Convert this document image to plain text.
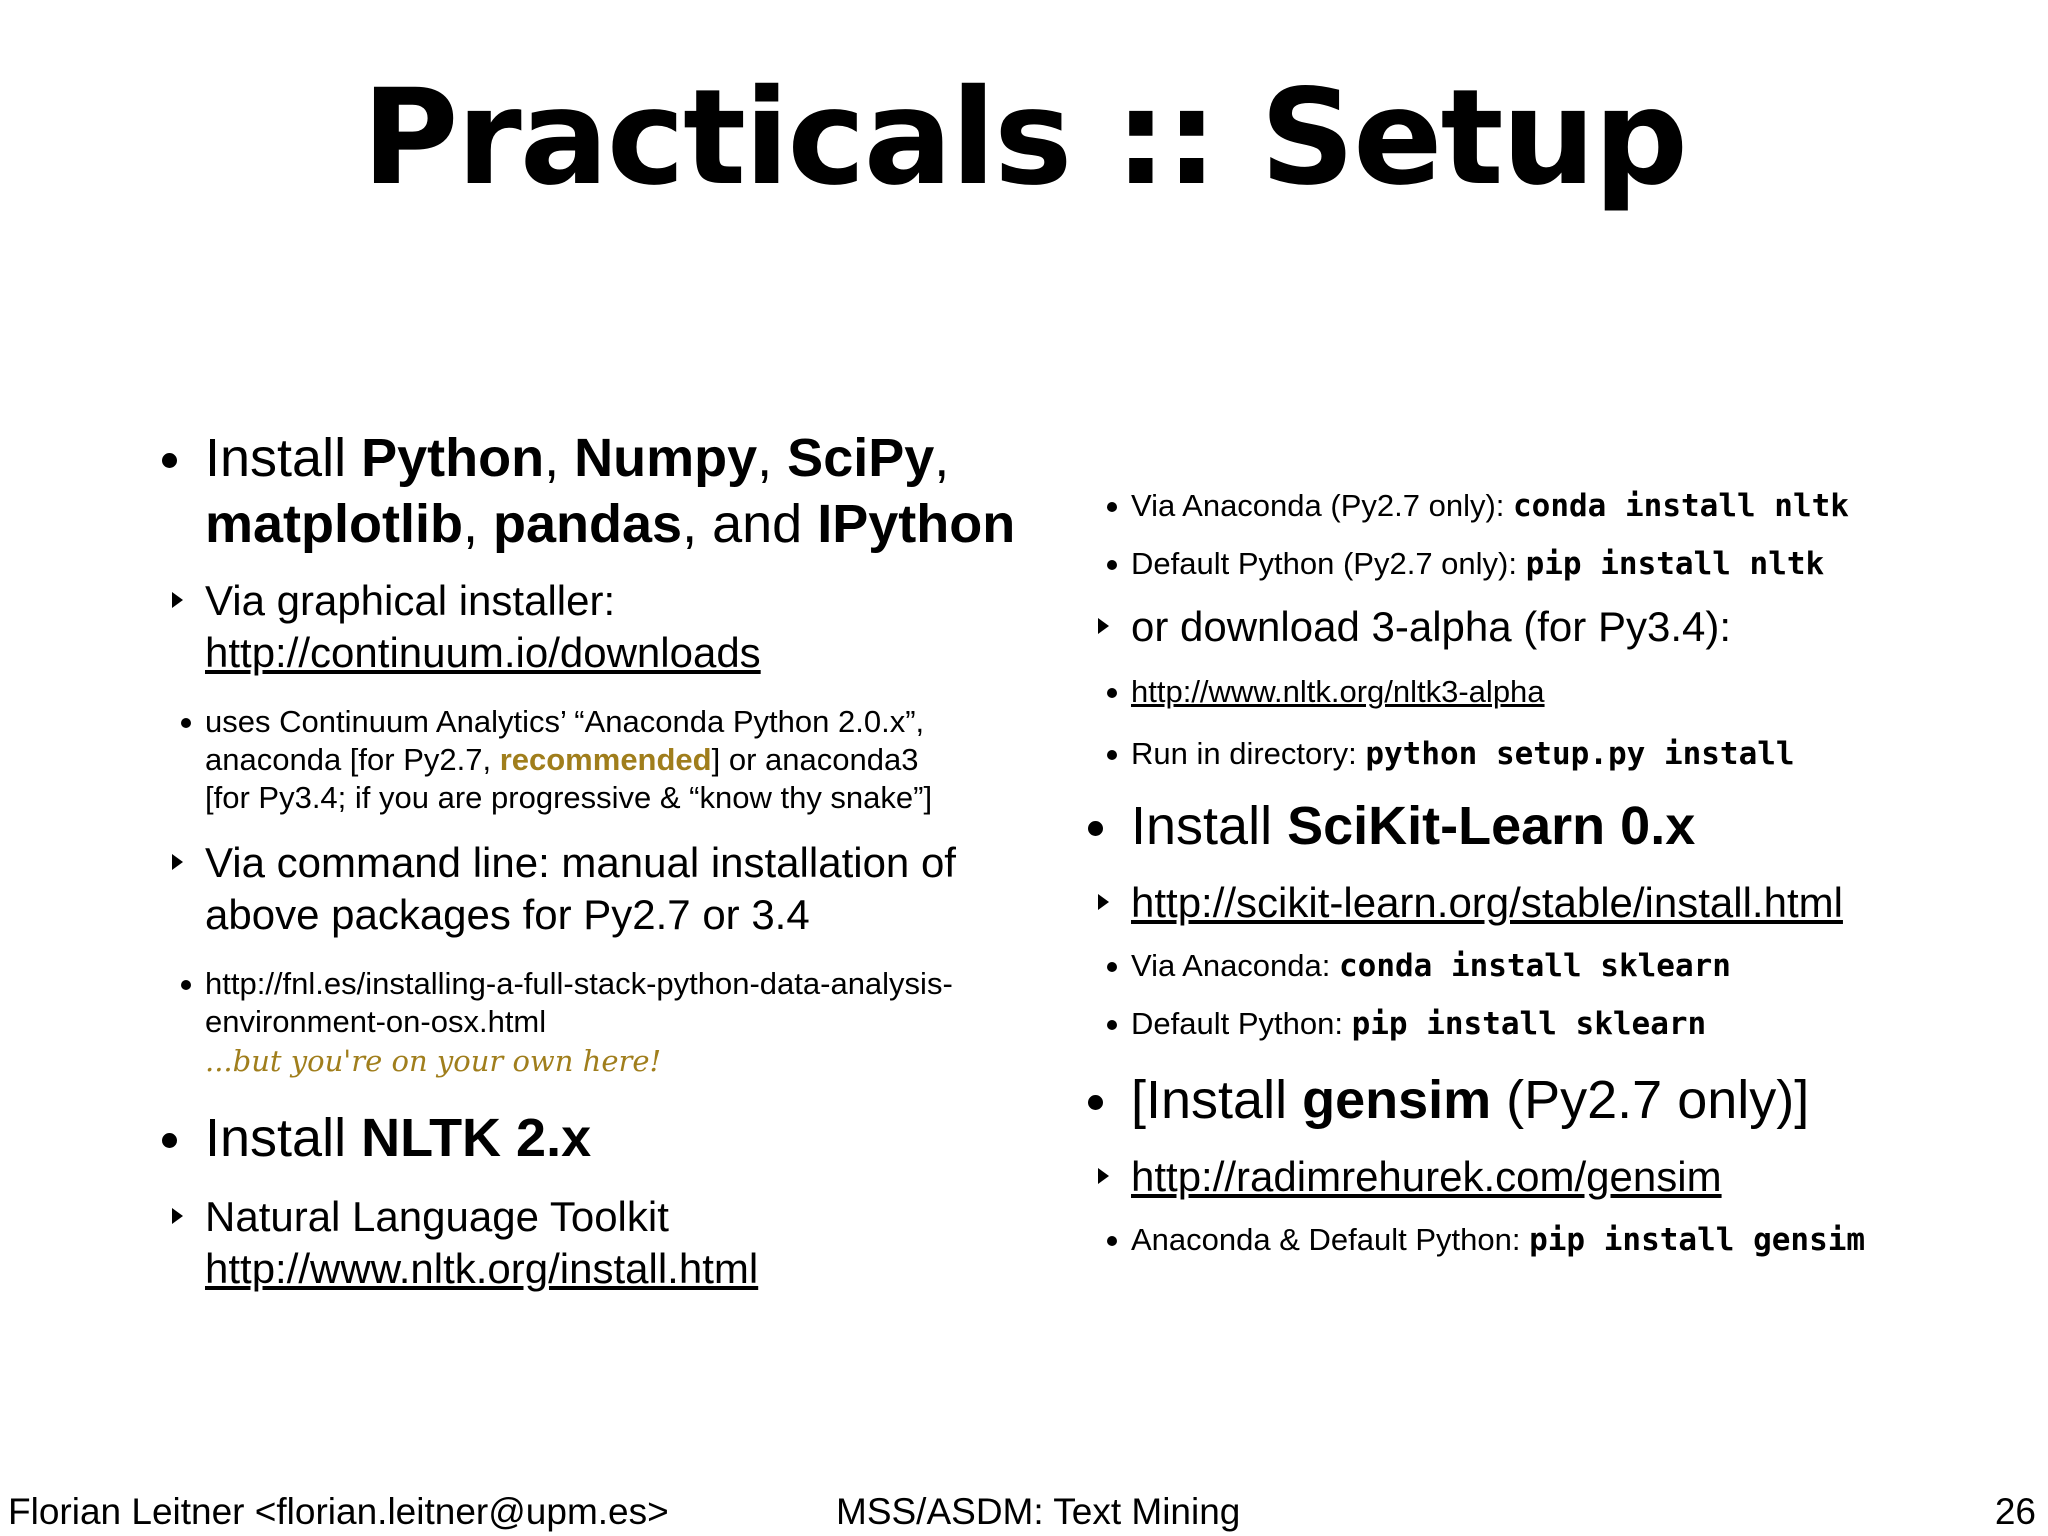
Practicals :: Setup
Install Python, Numpy, SciPy, matplotlib, pandas, and IPython
Via graphical installer:
http://continuum.io/downloads
uses Continuum Analytics’ “Anaconda Python 2.0.x”,
anaconda [for Py2.7, recommended] or anaconda3
[for Py3.4; if you are progressive & “know thy snake”]
Via command line: manual installation of above packages for Py2.7 or 3.4
http://fnl.es/installing-a-full-stack-python-data-analysis-environment-on-osx.html
...but you're on your own here!
Install NLTK 2.x
Natural Language Toolkit
http://www.nltk.org/install.html
Via Anaconda (Py2.7 only): conda install nltk
Default Python (Py2.7 only): pip install nltk
or download 3-alpha (for Py3.4):
http://www.nltk.org/nltk3-alpha
Run in directory: python setup.py install
Install SciKit-Learn 0.x
http://scikit-learn.org/stable/install.html
Via Anaconda: conda install sklearn
Default Python: pip install sklearn
[Install gensim (Py2.7 only)]
http://radimrehurek.com/gensim
Anaconda & Default Python: pip install gensim
Florian Leitner <florian.leitner@upm.es>	MSS/ASDM: Text Mining	26
